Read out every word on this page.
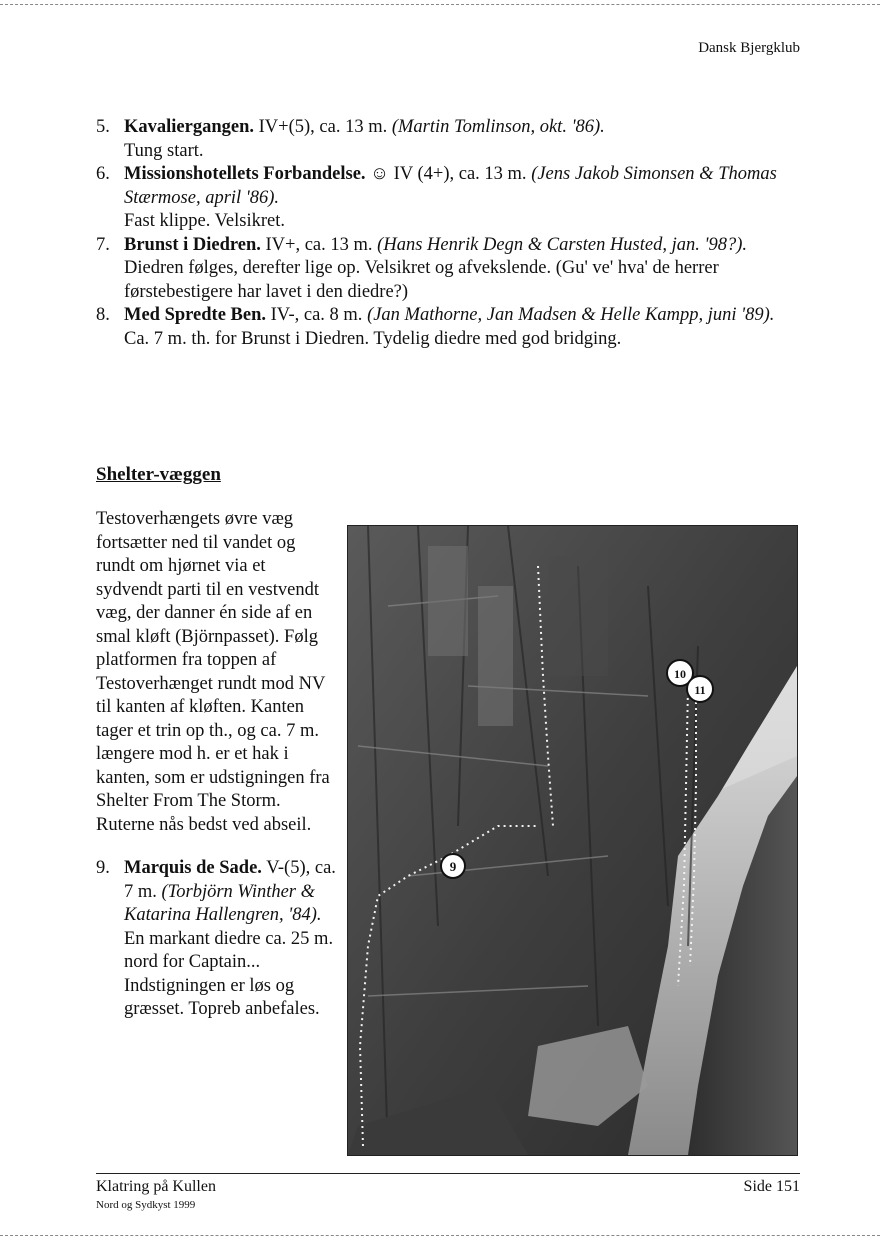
Dansk Bjergklub
5. Kavaliergangen. IV+(5), ca. 13 m. (Martin Tomlinson, okt. '86).
Tung start.
6. Missionshotellets Forbandelse. ☺ IV (4+), ca. 13 m. (Jens Jakob Simonsen & Thomas Stærmose, april '86).
Fast klippe. Velsikret.
7. Brunst i Diedren. IV+, ca. 13 m. (Hans Henrik Degn & Carsten Husted, jan. '98?).
Diedren følges, derefter lige op. Velsikret og afvekslende. (Gu' ve' hva' de herrer førstebestigere har lavet i den diedre?)
8. Med Spredte Ben. IV-, ca. 8 m. (Jan Mathorne, Jan Madsen & Helle Kampp, juni '89).
Ca. 7 m. th. for Brunst i Diedren. Tydelig diedre med god bridging.
Shelter-væggen
Testoverhængets øvre væg fortsætter ned til vandet og rundt om hjørnet via et sydvendt parti til en vestvendt væg, der danner én side af en smal kløft (Björnpasset). Følg platformen fra toppen af Testoverhænget rundt mod NV til kanten af kløften. Kanten tager et trin op th., og ca. 7 m. længere mod h. er et hak i kanten, som er udstigningen fra Shelter From The Storm. Ruterne nås bedst ved abseil.
9. Marquis de Sade. V-(5), ca. 7 m. (Torbjörn Winther & Katarina Hallengren, '84).
En markant diedre ca. 25 m. nord for Captain... Indstigningen er løs og græsset. Topreb anbefales.
9
10
11
Klatring på Kullen
Nord og Sydkyst 1999
Side 151
